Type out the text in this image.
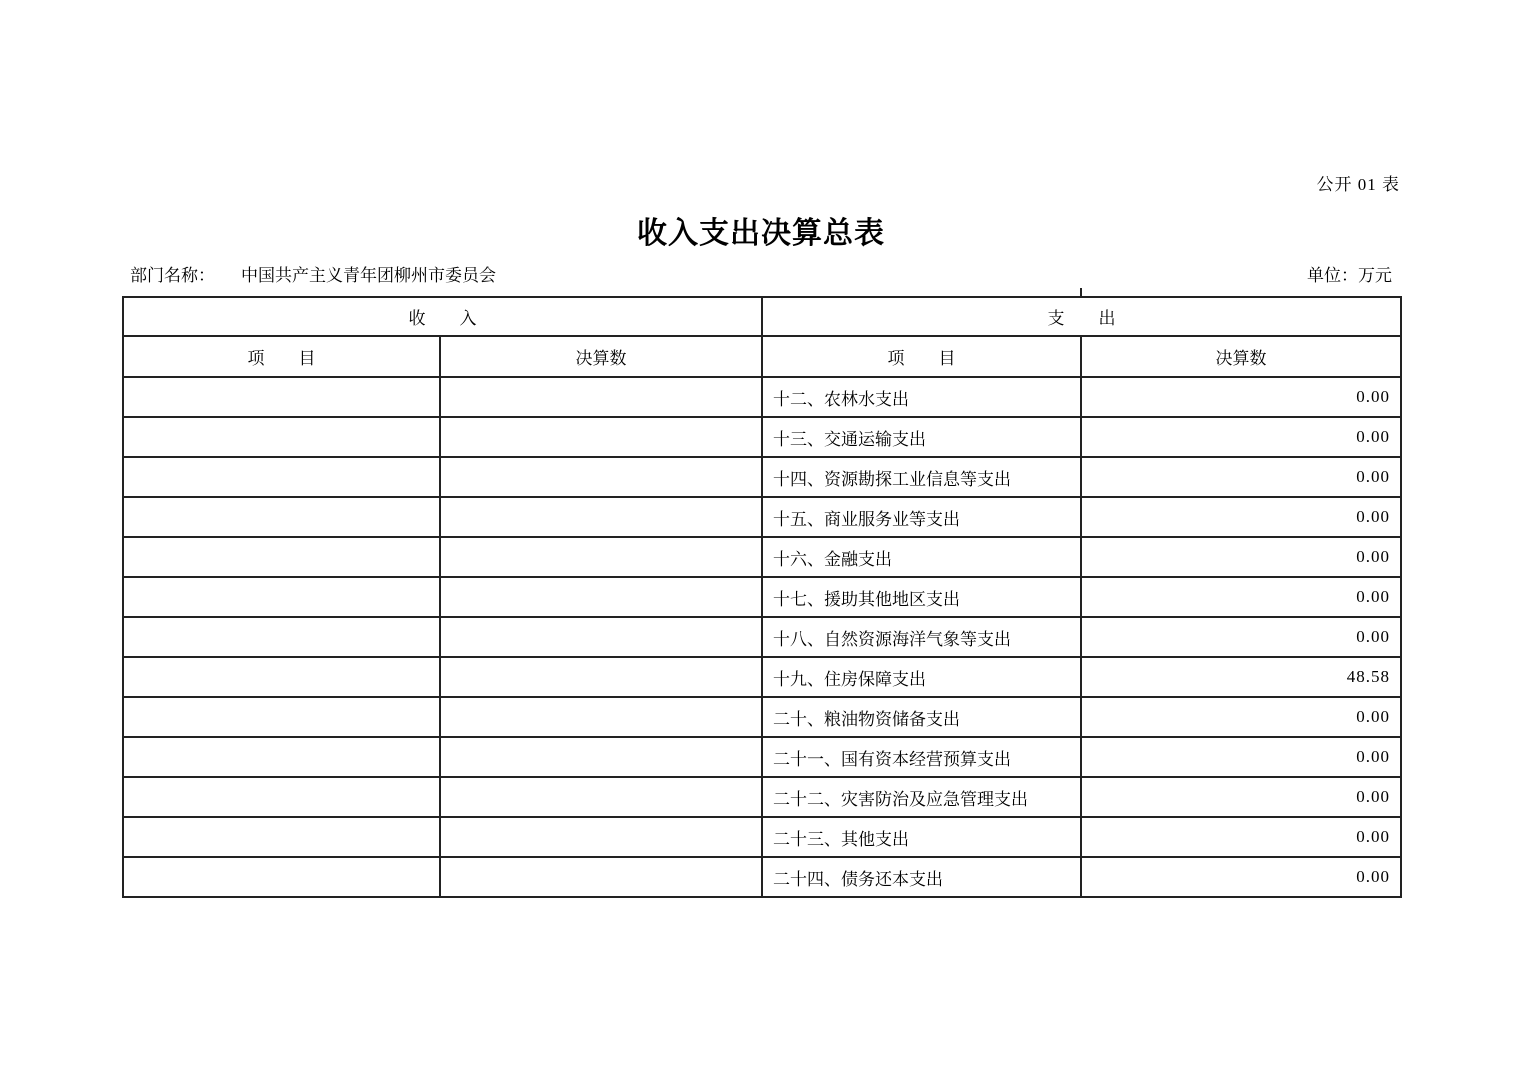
公开 01 表
收入支出决算总表
部门名称： 中国共产主义青年团柳州市委员会	单位：万元
收　　入		支　　出	
项　　目	决算数	项　　目	决算数
		十二、农林水支出	0.00
		十三、交通运输支出	0.00
		十四、资源勘探工业信息等支出	0.00
		十五、商业服务业等支出	0.00
		十六、金融支出	0.00
		十七、援助其他地区支出	0.00
		十八、自然资源海洋气象等支出	0.00
		十九、住房保障支出	48.58
		二十、粮油物资储备支出	0.00
		二十一、国有资本经营预算支出	0.00
		二十二、灾害防治及应急管理支出	0.00
		二十三、其他支出	0.00
		二十四、债务还本支出	0.00
